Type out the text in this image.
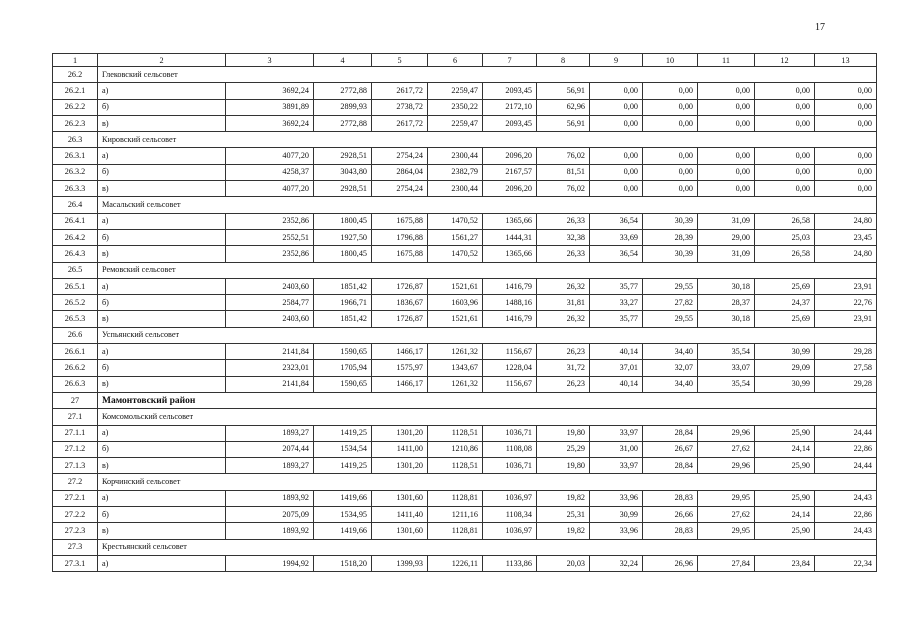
17
1	2	3	4	5	6	7	8	9	10	11	12	13
26.2	Глековский сельсовет											
26.2.1	а)	3692,24	2772,88	2617,72	2259,47	2093,45	56,91	0,00	0,00	0,00	0,00	0,00
26.2.2	б)	3891,89	2899,93	2738,72	2350,22	2172,10	62,96	0,00	0,00	0,00	0,00	0,00
26.2.3	в)	3692,24	2772,88	2617,72	2259,47	2093,45	56,91	0,00	0,00	0,00	0,00	0,00
26.3	Кировский сельсовет											
26.3.1	а)	4077,20	2928,51	2754,24	2300,44	2096,20	76,02	0,00	0,00	0,00	0,00	0,00
26.3.2	б)	4258,37	3043,80	2864,04	2382,79	2167,57	81,51	0,00	0,00	0,00	0,00	0,00
26.3.3	в)	4077,20	2928,51	2754,24	2300,44	2096,20	76,02	0,00	0,00	0,00	0,00	0,00
26.4	Масальский сельсовет											
26.4.1	а)	2352,86	1800,45	1675,88	1470,52	1365,66	26,33	36,54	30,39	31,09	26,58	24,80
26.4.2	б)	2552,51	1927,50	1796,88	1561,27	1444,31	32,38	33,69	28,39	29,00	25,03	23,45
26.4.3	в)	2352,86	1800,45	1675,88	1470,52	1365,66	26,33	36,54	30,39	31,09	26,58	24,80
26.5	Ремовский сельсовет											
26.5.1	а)	2403,60	1851,42	1726,87	1521,61	1416,79	26,32	35,77	29,55	30,18	25,69	23,91
26.5.2	б)	2584,77	1966,71	1836,67	1603,96	1488,16	31,81	33,27	27,82	28,37	24,37	22,76
26.5.3	в)	2403,60	1851,42	1726,87	1521,61	1416,79	26,32	35,77	29,55	30,18	25,69	23,91
26.6	Успьянский сельсовет											
26.6.1	а)	2141,84	1590,65	1466,17	1261,32	1156,67	26,23	40,14	34,40	35,54	30,99	29,28
26.6.2	б)	2323,01	1705,94	1575,97	1343,67	1228,04	31,72	37,01	32,07	33,07	29,09	27,58
26.6.3	в)	2141,84	1590,65	1466,17	1261,32	1156,67	26,23	40,14	34,40	35,54	30,99	29,28
27	Мамонтовский район											
27.1	Комсомольский сельсовет											
27.1.1	а)	1893,27	1419,25	1301,20	1128,51	1036,71	19,80	33,97	28,84	29,96	25,90	24,44
27.1.2	б)	2074,44	1534,54	1411,00	1210,86	1108,08	25,29	31,00	26,67	27,62	24,14	22,86
27.1.3	в)	1893,27	1419,25	1301,20	1128,51	1036,71	19,80	33,97	28,84	29,96	25,90	24,44
27.2	Корчинский сельсовет											
27.2.1	а)	1893,92	1419,66	1301,60	1128,81	1036,97	19,82	33,96	28,83	29,95	25,90	24,43
27.2.2	б)	2075,09	1534,95	1411,40	1211,16	1108,34	25,31	30,99	26,66	27,62	24,14	22,86
27.2.3	в)	1893,92	1419,66	1301,60	1128,81	1036,97	19,82	33,96	28,83	29,95	25,90	24,43
27.3	Крестьянский сельсовет											
27.3.1	а)	1994,92	1518,20	1399,93	1226,11	1133,86	20,03	32,24	26,96	27,84	23,84	22,34
